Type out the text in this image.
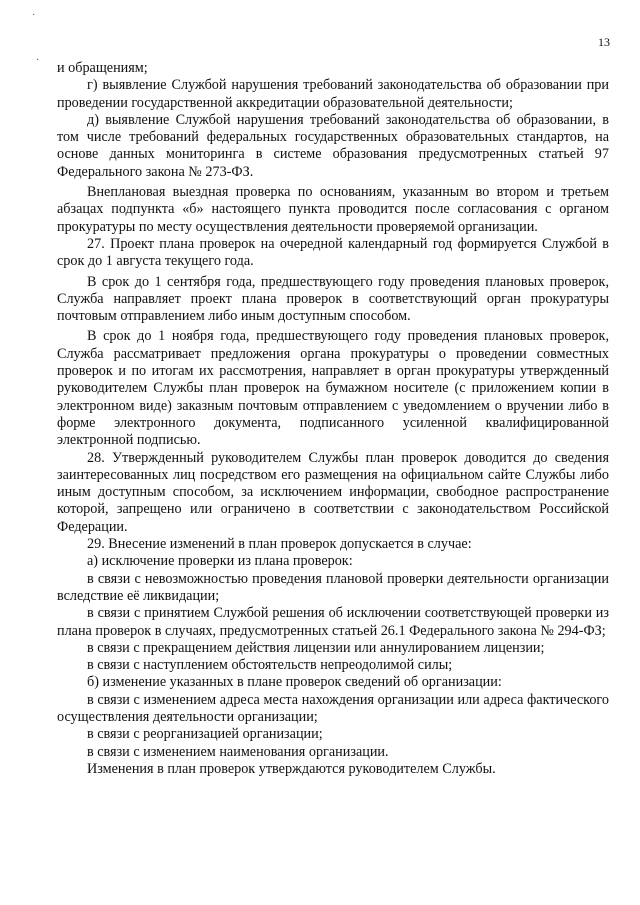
·
·
13

и обращениям;

г) выявление Службой нарушения требований законодательства об образовании при проведении государственной аккредитации образовательной деятельности;

д) выявление Службой нарушения требований законодательства об образовании, в том числе требований федеральных государственных образовательных стандартов, на основе данных мониторинга в системе образования предусмотренных статьей 97 Федерального закона № 273-ФЗ.

Внеплановая выездная проверка по основаниям, указанным во втором и третьем абзацах подпункта «б» настоящего пункта проводится после согласования с органом прокуратуры по месту осуществления деятельности проверяемой организации.

27. Проект плана проверок на очередной календарный год формируется Службой в срок до 1 августа текущего года.

В срок до 1 сентября года, предшествующего году проведения плановых проверок, Служба направляет проект плана проверок в соответствующий орган прокуратуры почтовым отправлением либо иным доступным способом.

В срок до 1 ноября года, предшествующего году проведения плановых проверок, Служба рассматривает предложения органа прокуратуры о проведении совместных проверок и по итогам их рассмотрения, направляет в орган прокуратуры утвержденный руководителем Службы план проверок на бумажном носителе (с приложением копии в электронном виде) заказным почтовым отправлением с уведомлением о вручении либо в форме электронного документа, подписанного усиленной квалифицированной электронной подписью.

28. Утвержденный руководителем Службы план проверок доводится до сведения заинтересованных лиц посредством его размещения на официальном сайте Службы либо иным доступным способом, за исключением информации, свободное распространение которой, запрещено или ограничено в соответствии с законодательством Российской Федерации.

29. Внесение изменений в план проверок допускается в случае:

а) исключение проверки из плана проверок:

в связи с невозможностью проведения плановой проверки деятельности организации вследствие её ликвидации;

в связи с принятием Службой решения об исключении соответствующей проверки из плана проверок в случаях, предусмотренных статьей 26.1 Федерального закона № 294-ФЗ;

в связи с прекращением действия лицензии или аннулированием лицензии;

в связи с наступлением обстоятельств непреодолимой силы;

б) изменение указанных в плане проверок сведений об организации:

в связи с изменением адреса места нахождения организации или адреса фактического осуществления деятельности организации;

в связи с реорганизацией организации;

в связи с изменением наименования организации.

Изменения в план проверок утверждаются руководителем Службы.
